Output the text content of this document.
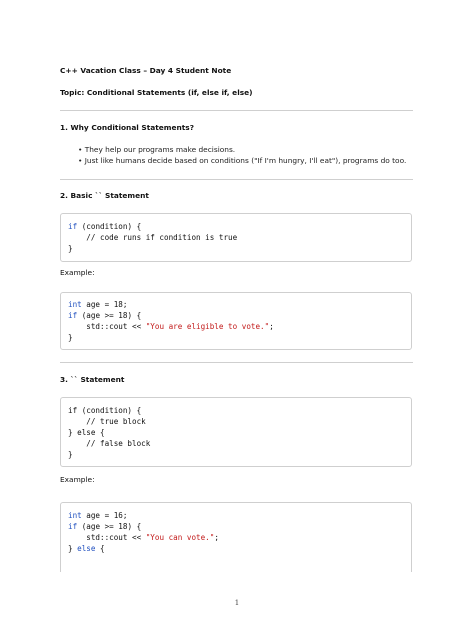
C++ Vacation Class – Day 4 Student Note
Topic: Conditional Statements (if, else if, else)
1. Why Conditional Statements?
• They help our programs make decisions.
• Just like humans decide based on conditions ("If I'm hungry, I'll eat"), programs do too.
2. Basic `` Statement
if (condition) {
// code runs if condition is true
}
Example:
int age = 18;
if (age >= 18) {
std::cout << "You are eligible to vote.";
}
3. `` Statement
if (condition) {
// true block
} else {
// false block
}
Example:
int age = 16;
if (age >= 18) {
std::cout << "You can vote.";
} else {
1
